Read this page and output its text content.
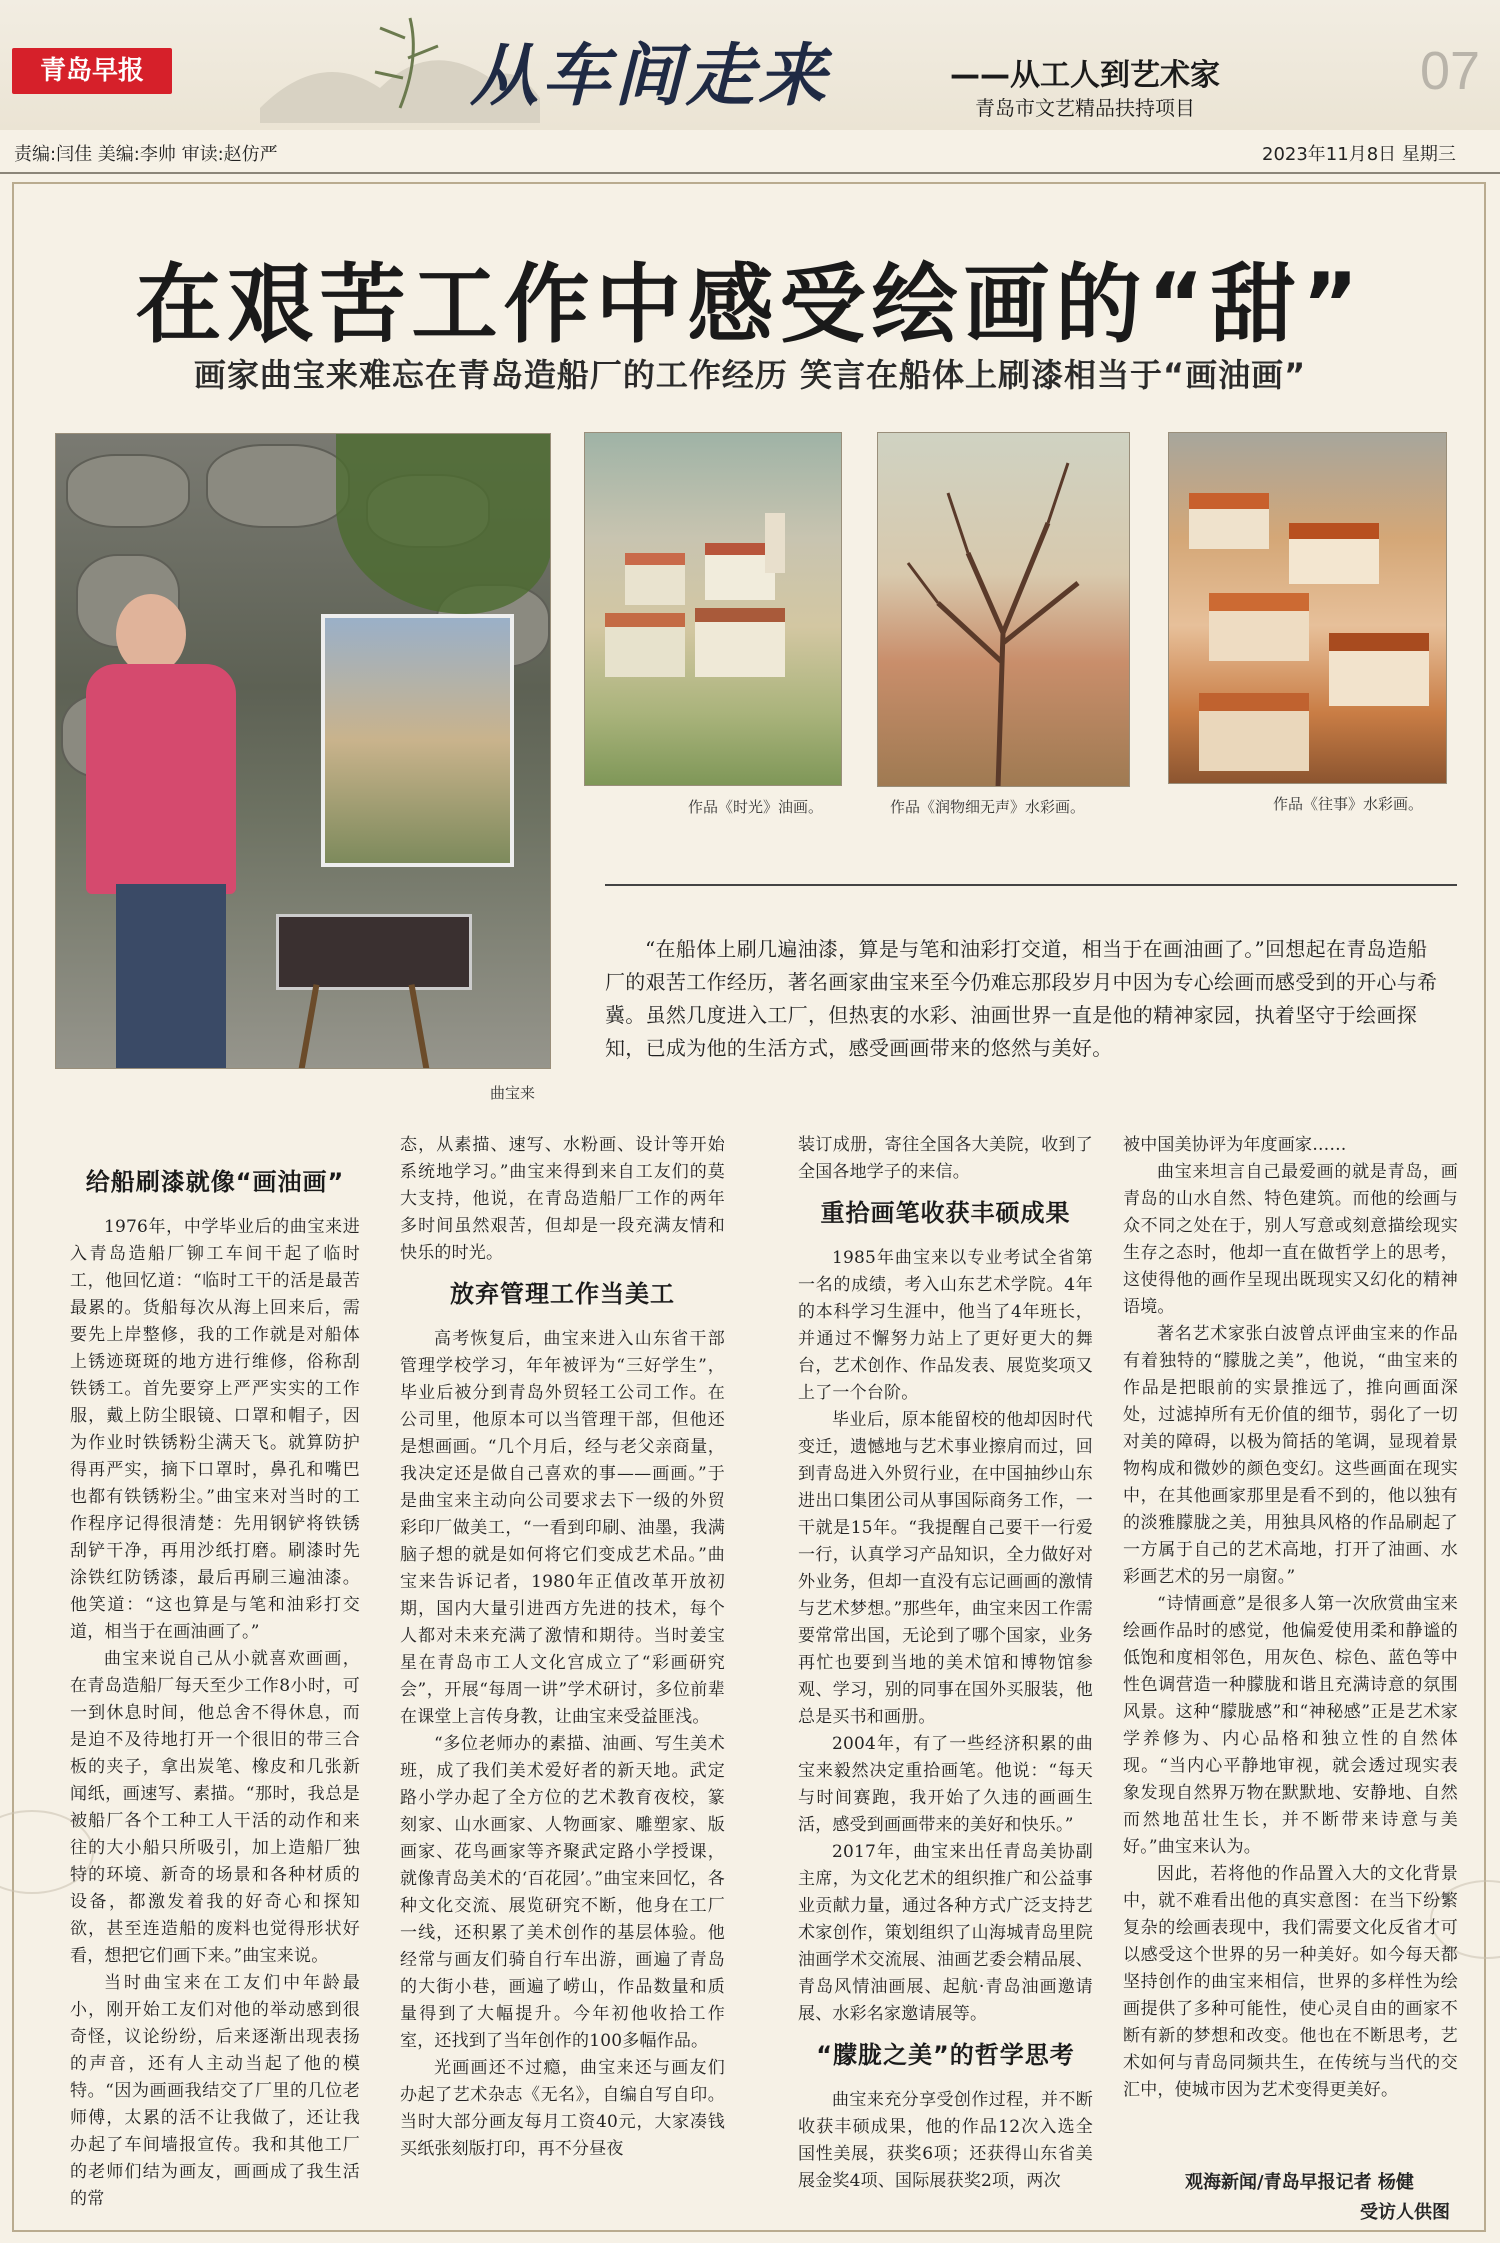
青岛早报	从车间走来	——从工人到艺术家
青岛市文艺精品扶持项目
07
责编:闫佳 美编:李帅 审读:赵仿严	2023年11月8日 星期三
在艰苦工作中感受绘画的“甜”
画家曲宝来难忘在青岛造船厂的工作经历 笑言在船体上刷漆相当于“画油画”
曲宝来
作品《时光》油画。	作品《润物细无声》水彩画。	作品《往事》水彩画。
“在船体上刷几遍油漆，算是与笔和油彩打交道，相当于在画油画了。”回想起在青岛造船厂的艰苦工作经历，著名画家曲宝来至今仍难忘那段岁月中因为专心绘画而感受到的开心与希冀。虽然几度进入工厂，但热衷的水彩、油画世界一直是他的精神家园，执着坚守于绘画探知，已成为他的生活方式，感受画画带来的悠然与美好。
给船刷漆就像“画油画”

1976年，中学毕业后的曲宝来进入青岛造船厂铆工车间干起了临时工，他回忆道：“临时工干的活是最苦最累的。货船每次从海上回来后，需要先上岸整修，我的工作就是对船体上锈迹斑斑的地方进行维修，俗称刮铁锈工。首先要穿上严严实实的工作服，戴上防尘眼镜、口罩和帽子，因为作业时铁锈粉尘满天飞。就算防护得再严实，摘下口罩时，鼻孔和嘴巴也都有铁锈粉尘。”曲宝来对当时的工作程序记得很清楚：先用钢铲将铁锈刮铲干净，再用沙纸打磨。刷漆时先涂铁红防锈漆，最后再刷三遍油漆。他笑道：“这也算是与笔和油彩打交道，相当于在画油画了。”

曲宝来说自己从小就喜欢画画，在青岛造船厂每天至少工作8小时，可一到休息时间，他总舍不得休息，而是迫不及待地打开一个很旧的带三合板的夹子，拿出炭笔、橡皮和几张新闻纸，画速写、素描。“那时，我总是被船厂各个工种工人干活的动作和来往的大小船只所吸引，加上造船厂独特的环境、新奇的场景和各种材质的设备，都激发着我的好奇心和探知欲，甚至连造船的废料也觉得形状好看，想把它们画下来。”曲宝来说。

当时曲宝来在工友们中年龄最小，刚开始工友们对他的举动感到很奇怪，议论纷纷，后来逐渐出现表扬的声音，还有人主动当起了他的模特。“因为画画我结交了厂里的几位老师傅，太累的活不让我做了，还让我办起了车间墙报宣传。我和其他工厂的老师们结为画友，画画成了我生活的常

态，从素描、速写、水粉画、设计等开始系统地学习。”曲宝来得到来自工友们的莫大支持，他说，在青岛造船厂工作的两年多时间虽然艰苦，但却是一段充满友情和快乐的时光。

放弃管理工作当美工

高考恢复后，曲宝来进入山东省干部管理学校学习，年年被评为“三好学生”，毕业后被分到青岛外贸轻工公司工作。在公司里，他原本可以当管理干部，但他还是想画画。“几个月后，经与老父亲商量，我决定还是做自己喜欢的事——画画。”于是曲宝来主动向公司要求去下一级的外贸彩印厂做美工，“一看到印刷、油墨，我满脑子想的就是如何将它们变成艺术品。”曲宝来告诉记者，1980年正值改革开放初期，国内大量引进西方先进的技术，每个人都对未来充满了激情和期待。当时姜宝星在青岛市工人文化宫成立了“彩画研究会”，开展“每周一讲”学术研讨，多位前辈在课堂上言传身教，让曲宝来受益匪浅。

“多位老师办的素描、油画、写生美术班，成了我们美术爱好者的新天地。武定路小学办起了全方位的艺术教育夜校，篆刻家、山水画家、人物画家、雕塑家、版画家、花鸟画家等齐聚武定路小学授课，就像青岛美术的‘百花园’。”曲宝来回忆，各种文化交流、展览研究不断，他身在工厂一线，还积累了美术创作的基层体验。他经常与画友们骑自行车出游，画遍了青岛的大街小巷，画遍了崂山，作品数量和质量得到了大幅提升。今年初他收拾工作室，还找到了当年创作的100多幅作品。

光画画还不过瘾，曲宝来还与画友们办起了艺术杂志《无名》，自编自写自印。当时大部分画友每月工资40元，大家凑钱买纸张刻版打印，再不分昼夜

装订成册，寄往全国各大美院，收到了全国各地学子的来信。

重拾画笔收获丰硕成果

1985年曲宝来以专业考试全省第一名的成绩，考入山东艺术学院。4年的本科学习生涯中，他当了4年班长，并通过不懈努力站上了更好更大的舞台，艺术创作、作品发表、展览奖项又上了一个台阶。

毕业后，原本能留校的他却因时代变迁，遗憾地与艺术事业擦肩而过，回到青岛进入外贸行业，在中国抽纱山东进出口集团公司从事国际商务工作，一干就是15年。“我提醒自己要干一行爱一行，认真学习产品知识，全力做好对外业务，但却一直没有忘记画画的激情与艺术梦想。”那些年，曲宝来因工作需要常常出国，无论到了哪个国家，业务再忙也要到当地的美术馆和博物馆参观、学习，别的同事在国外买服装，他总是买书和画册。

2004年，有了一些经济积累的曲宝来毅然决定重拾画笔。他说：“每天与时间赛跑，我开始了久违的画画生活，感受到画画带来的美好和快乐。”

2017年，曲宝来出任青岛美协副主席，为文化艺术的组织推广和公益事业贡献力量，通过各种方式广泛支持艺术家创作，策划组织了山海城青岛里院油画学术交流展、油画艺委会精品展、青岛风情油画展、起航·青岛油画邀请展、水彩名家邀请展等。

“朦胧之美”的哲学思考

曲宝来充分享受创作过程，并不断收获丰硕成果，他的作品12次入选全国性美展，获奖6项；还获得山东省美展金奖4项、国际展获奖2项，两次

被中国美协评为年度画家……

曲宝来坦言自己最爱画的就是青岛，画青岛的山水自然、特色建筑。而他的绘画与众不同之处在于，别人写意或刻意描绘现实生存之态时，他却一直在做哲学上的思考，这使得他的画作呈现出既现实又幻化的精神语境。

著名艺术家张白波曾点评曲宝来的作品有着独特的“朦胧之美”，他说，“曲宝来的作品是把眼前的实景推远了，推向画面深处，过滤掉所有无价值的细节，弱化了一切对美的障碍，以极为简括的笔调，显现着景物构成和微妙的颜色变幻。这些画面在现实中，在其他画家那里是看不到的，他以独有的淡雅朦胧之美，用独具风格的作品刷起了一方属于自己的艺术高地，打开了油画、水彩画艺术的另一扇窗。”

“诗情画意”是很多人第一次欣赏曲宝来绘画作品时的感觉，他偏爱使用柔和静谧的低饱和度相邻色，用灰色、棕色、蓝色等中性色调营造一种朦胧和谐且充满诗意的氛围风景。这种“朦胧感”和“神秘感”正是艺术家学养修为、内心品格和独立性的自然体现。“当内心平静地审视，就会透过现实表象发现自然界万物在默默地、安静地、自然而然地茁壮生长，并不断带来诗意与美好。”曲宝来认为。

因此，若将他的作品置入大的文化背景中，就不难看出他的真实意图：在当下纷繁复杂的绘画表现中，我们需要文化反省才可以感受这个世界的另一种美好。如今每天都坚持创作的曲宝来相信，世界的多样性为绘画提供了多种可能性，使心灵自由的画家不断有新的梦想和改变。他也在不断思考，艺术如何与青岛同频共生，在传统与当代的交汇中，使城市因为艺术变得更美好。

观海新闻/青岛早报记者 杨健
受访人供图
